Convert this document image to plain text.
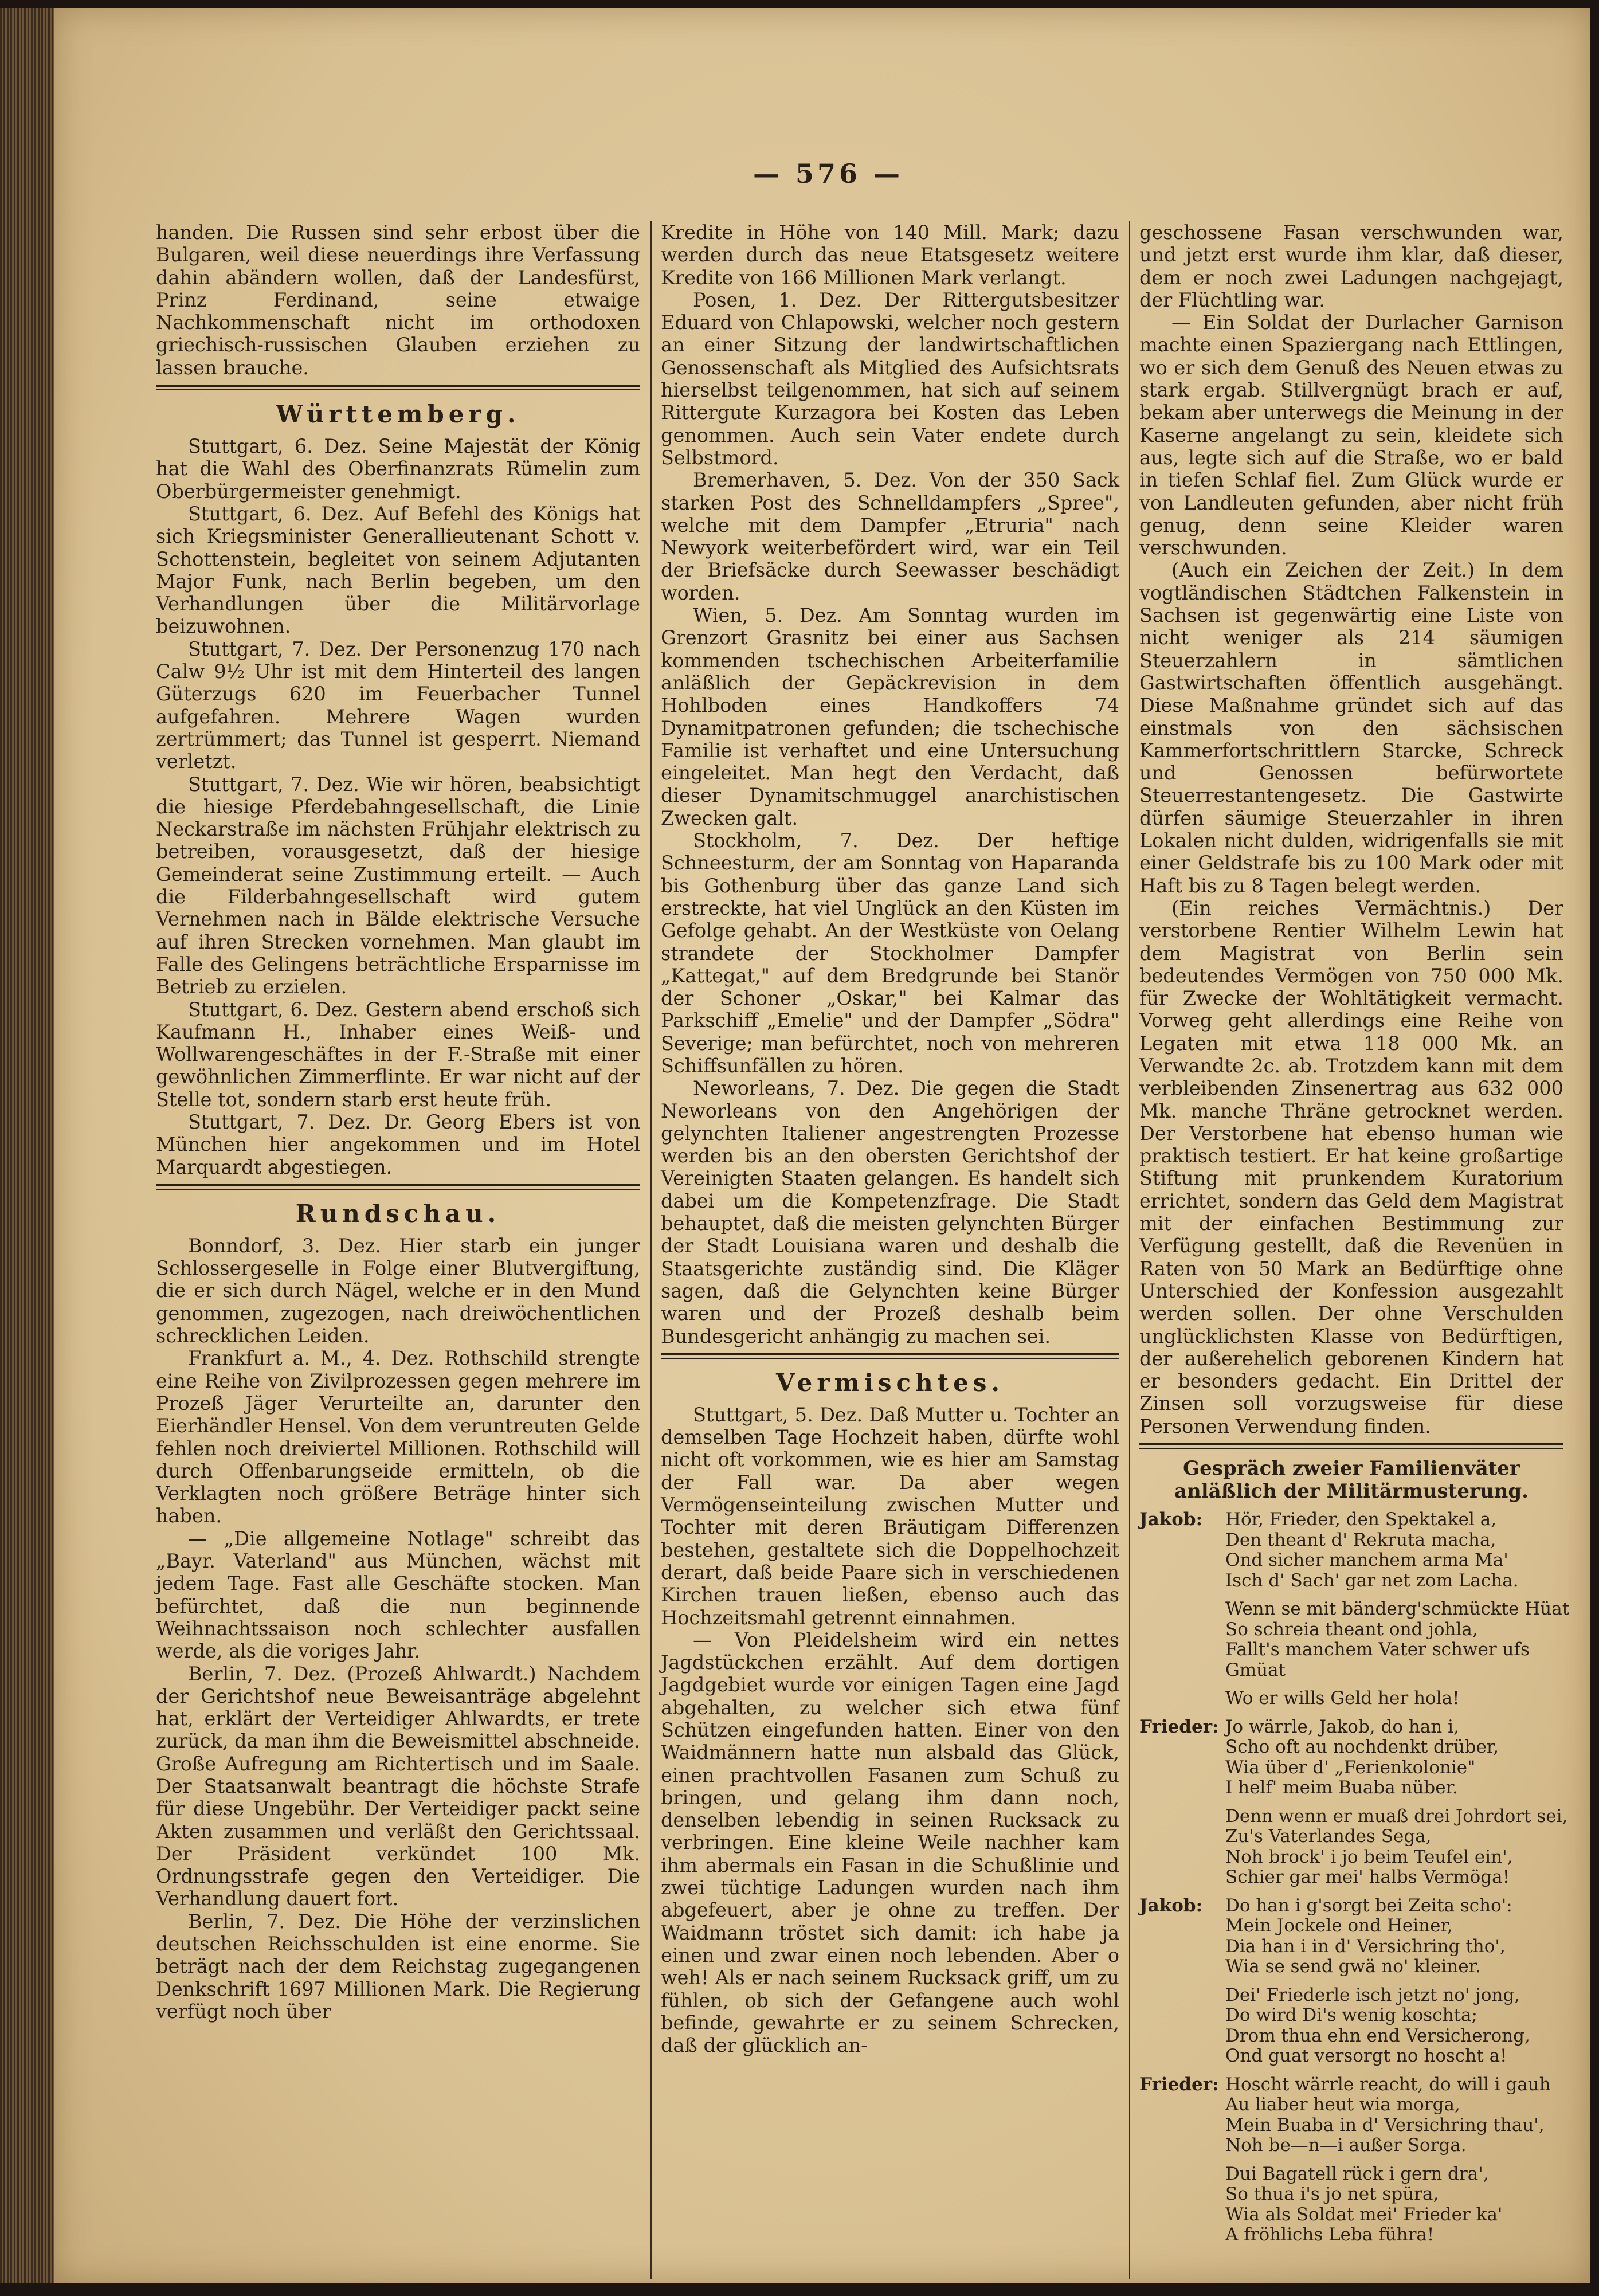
— 576 —

handen. Die Russen sind sehr erbost über die Bulgaren, weil diese neuerdings ihre Verfassung dahin abändern wollen, daß der Landesfürst, Prinz Ferdinand, seine etwaige Nachkommenschaft nicht im orthodoxen griechisch-russischen Glauben erziehen zu lassen brauche.

Württemberg.

Stuttgart, 6. Dez. Seine Majestät der König hat die Wahl des Oberfinanzrats Rümelin zum Oberbürgermeister genehmigt.

Stuttgart, 6. Dez. Auf Befehl des Königs hat sich Kriegsminister Generallieutenant Schott v. Schottenstein, begleitet von seinem Adjutanten Major Funk, nach Berlin begeben, um den Verhandlungen über die Militärvorlage beizuwohnen.

Stuttgart, 7. Dez. Der Personenzug 170 nach Calw 9½ Uhr ist mit dem Hinterteil des langen Güterzugs 620 im Feuerbacher Tunnel aufgefahren. Mehrere Wagen wurden zertrümmert; das Tunnel ist gesperrt. Niemand verletzt.

Stuttgart, 7. Dez. Wie wir hören, beabsichtigt die hiesige Pferdebahngesellschaft, die Linie Neckarstraße im nächsten Frühjahr elektrisch zu betreiben, vorausgesetzt, daß der hiesige Gemeinderat seine Zustimmung erteilt. — Auch die Filderbahngesellschaft wird gutem Vernehmen nach in Bälde elektrische Versuche auf ihren Strecken vornehmen. Man glaubt im Falle des Gelingens beträchtliche Ersparnisse im Betrieb zu erzielen.

Stuttgart, 6. Dez. Gestern abend erschoß sich Kaufmann H., Inhaber eines Weiß- und Wollwarengeschäftes in der F.-Straße mit einer gewöhnlichen Zimmerflinte. Er war nicht auf der Stelle tot, sondern starb erst heute früh.

Stuttgart, 7. Dez. Dr. Georg Ebers ist von München hier angekommen und im Hotel Marquardt abgestiegen.

Rundschau.

Bonndorf, 3. Dez. Hier starb ein junger Schlossergeselle in Folge einer Blutvergiftung, die er sich durch Nägel, welche er in den Mund genommen, zugezogen, nach dreiwöchentlichen schrecklichen Leiden.

Frankfurt a. M., 4. Dez. Rothschild strengte eine Reihe von Zivilprozessen gegen mehrere im Prozeß Jäger Verurteilte an, darunter den Eierhändler Hensel. Von dem veruntreuten Gelde fehlen noch dreiviertel Millionen. Rothschild will durch Offenbarungseide ermitteln, ob die Verklagten noch größere Beträge hinter sich haben.

— „Die allgemeine Notlage" schreibt das „Bayr. Vaterland" aus München, wächst mit jedem Tage. Fast alle Geschäfte stocken. Man befürchtet, daß die nun beginnende Weihnachtssaison noch schlechter ausfallen werde, als die voriges Jahr.

Berlin, 7. Dez. (Prozeß Ahlwardt.) Nachdem der Gerichtshof neue Beweisanträge abgelehnt hat, erklärt der Verteidiger Ahlwardts, er trete zurück, da man ihm die Beweismittel abschneide. Große Aufregung am Richtertisch und im Saale. Der Staatsanwalt beantragt die höchste Strafe für diese Ungebühr. Der Verteidiger packt seine Akten zusammen und verläßt den Gerichtssaal. Der Präsident verkündet 100 Mk. Ordnungsstrafe gegen den Verteidiger. Die Verhandlung dauert fort.

Berlin, 7. Dez. Die Höhe der verzinslichen deutschen Reichsschulden ist eine enorme. Sie beträgt nach der dem Reichstag zugegangenen Denkschrift 1697 Millionen Mark. Die Regierung verfügt noch über

Kredite in Höhe von 140 Mill. Mark; dazu werden durch das neue Etatsgesetz weitere Kredite von 166 Millionen Mark verlangt.

Posen, 1. Dez. Der Rittergutsbesitzer Eduard von Chlapowski, welcher noch gestern an einer Sitzung der landwirtschaftlichen Genossenschaft als Mitglied des Aufsichtsrats hierselbst teilgenommen, hat sich auf seinem Rittergute Kurzagora bei Kosten das Leben genommen. Auch sein Vater endete durch Selbstmord.

Bremerhaven, 5. Dez. Von der 350 Sack starken Post des Schnelldampfers „Spree", welche mit dem Dampfer „Etruria" nach Newyork weiterbefördert wird, war ein Teil der Briefsäcke durch Seewasser beschädigt worden.

Wien, 5. Dez. Am Sonntag wurden im Grenzort Grasnitz bei einer aus Sachsen kommenden tschechischen Arbeiterfamilie anläßlich der Gepäckrevision in dem Hohlboden eines Handkoffers 74 Dynamitpatronen gefunden; die tschechische Familie ist verhaftet und eine Untersuchung eingeleitet. Man hegt den Verdacht, daß dieser Dynamitschmuggel anarchistischen Zwecken galt.

Stockholm, 7. Dez. Der heftige Schneesturm, der am Sonntag von Haparanda bis Gothenburg über das ganze Land sich erstreckte, hat viel Unglück an den Küsten im Gefolge gehabt. An der Westküste von Oelang strandete der Stockholmer Dampfer „Kattegat," auf dem Bredgrunde bei Stanör der Schoner „Oskar," bei Kalmar das Parkschiff „Emelie" und der Dampfer „Södra" Severige; man befürchtet, noch von mehreren Schiffsunfällen zu hören.

Neworleans, 7. Dez. Die gegen die Stadt Neworleans von den Angehörigen der gelynchten Italiener angestrengten Prozesse werden bis an den obersten Gerichtshof der Vereinigten Staaten gelangen. Es handelt sich dabei um die Kompetenzfrage. Die Stadt behauptet, daß die meisten gelynchten Bürger der Stadt Louisiana waren und deshalb die Staatsgerichte zuständig sind. Die Kläger sagen, daß die Gelynchten keine Bürger waren und der Prozeß deshalb beim Bundesgericht anhängig zu machen sei.

Vermischtes.

Stuttgart, 5. Dez. Daß Mutter u. Tochter an demselben Tage Hochzeit haben, dürfte wohl nicht oft vorkommen, wie es hier am Samstag der Fall war. Da aber wegen Vermögenseinteilung zwischen Mutter und Tochter mit deren Bräutigam Differenzen bestehen, gestaltete sich die Doppelhochzeit derart, daß beide Paare sich in verschiedenen Kirchen trauen ließen, ebenso auch das Hochzeitsmahl getrennt einnahmen.

— Von Pleidelsheim wird ein nettes Jagdstückchen erzählt. Auf dem dortigen Jagdgebiet wurde vor einigen Tagen eine Jagd abgehalten, zu welcher sich etwa fünf Schützen eingefunden hatten. Einer von den Waidmännern hatte nun alsbald das Glück, einen prachtvollen Fasanen zum Schuß zu bringen, und gelang ihm dann noch, denselben lebendig in seinen Rucksack zu verbringen. Eine kleine Weile nachher kam ihm abermals ein Fasan in die Schußlinie und zwei tüchtige Ladungen wurden nach ihm abgefeuert, aber je ohne zu treffen. Der Waidmann tröstet sich damit: ich habe ja einen und zwar einen noch lebenden. Aber o weh! Als er nach seinem Rucksack griff, um zu fühlen, ob sich der Gefangene auch wohl befinde, gewahrte er zu seinem Schrecken, daß der glücklich an-

geschossene Fasan verschwunden war, und jetzt erst wurde ihm klar, daß dieser, dem er noch zwei Ladungen nachgejagt, der Flüchtling war.

— Ein Soldat der Durlacher Garnison machte einen Spaziergang nach Ettlingen, wo er sich dem Genuß des Neuen etwas zu stark ergab. Stillvergnügt brach er auf, bekam aber unterwegs die Meinung in der Kaserne angelangt zu sein, kleidete sich aus, legte sich auf die Straße, wo er bald in tiefen Schlaf fiel. Zum Glück wurde er von Landleuten gefunden, aber nicht früh genug, denn seine Kleider waren verschwunden.

(Auch ein Zeichen der Zeit.) In dem vogtländischen Städtchen Falkenstein in Sachsen ist gegenwärtig eine Liste von nicht weniger als 214 säumigen Steuerzahlern in sämtlichen Gastwirtschaften öffentlich ausgehängt. Diese Maßnahme gründet sich auf das einstmals von den sächsischen Kammerfortschrittlern Starcke, Schreck und Genossen befürwortete Steuerrestantengesetz. Die Gastwirte dürfen säumige Steuerzahler in ihren Lokalen nicht dulden, widrigenfalls sie mit einer Geldstrafe bis zu 100 Mark oder mit Haft bis zu 8 Tagen belegt werden.

(Ein reiches Vermächtnis.) Der verstorbene Rentier Wilhelm Lewin hat dem Magistrat von Berlin sein bedeutendes Vermögen von 750 000 Mk. für Zwecke der Wohltätigkeit vermacht. Vorweg geht allerdings eine Reihe von Legaten mit etwa 118 000 Mk. an Verwandte 2c. ab. Trotzdem kann mit dem verbleibenden Zinsenertrag aus 632 000 Mk. manche Thräne getrocknet werden. Der Verstorbene hat ebenso human wie praktisch testiert. Er hat keine großartige Stiftung mit prunkendem Kuratorium errichtet, sondern das Geld dem Magistrat mit der einfachen Bestimmung zur Verfügung gestellt, daß die Revenüen in Raten von 50 Mark an Bedürftige ohne Unterschied der Konfession ausgezahlt werden sollen. Der ohne Verschulden unglücklichsten Klasse von Bedürftigen, der außerehelich geborenen Kindern hat er besonders gedacht. Ein Drittel der Zinsen soll vorzugsweise für diese Personen Verwendung finden.

Gespräch zweier Familienväter anläßlich der Militärmusterung.
Jakob:	Hör, Frieder, den Spektakel a,
Den theant d' Rekruta macha,
Ond sicher manchem arma Ma'
Isch d' Sach' gar net zom Lacha.
Wenn se mit bänderg'schmückte Hüat
So schreia theant ond johla,
Fallt's manchem Vater schwer ufs
Gmüat
Wo er wills Geld her hola!
Frieder: Jo wärrle, Jakob, do han i,
Scho oft au nochdenkt drüber,
Wia über d' „Ferienkolonie"
I helf' meim Buaba nüber.
Denn wenn er muaß drei Johrdort sei,
Zu's Vaterlandes Sega,
Noh brock' i jo beim Teufel ein',
Schier gar mei' halbs Vermöga!
Jakob:	Do han i g'sorgt bei Zeita scho':
Mein Jockele ond Heiner,
Dia han i in d' Versichring tho',
Wia se send gwä no' kleiner.
Dei' Friederle isch jetzt no' jong,
Do wird Di's wenig koschta;
Drom thua ehn end Versicherong,
Ond guat versorgt no hoscht a!
Frieder: Hoscht wärrle reacht, do will i gauh
Au liaber heut wia morga,
Mein Buaba in d' Versichring thau',
Noh be—n—i außer Sorga.
Dui Bagatell rück i gern dra',
So thua i's jo net spüra,
Wia als Soldat mei' Frieder ka'
A fröhlichs Leba führa!
